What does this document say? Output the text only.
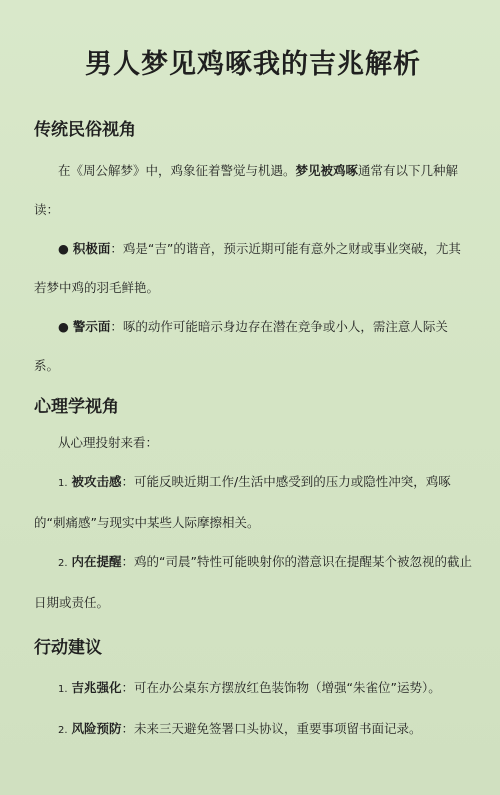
男人梦见鸡啄我的吉兆解析
传统民俗视角

在《周公解梦》中，鸡象征着警觉与机遇。梦见被鸡啄通常有以下几种解读：

● 积极面：鸡是“吉”的谐音，预示近期可能有意外之财或事业突破，尤其若梦中鸡的羽毛鲜艳。

● 警示面：啄的动作可能暗示身边存在潜在竞争或小人，需注意人际关系。

心理学视角

从心理投射来看：

1. 被攻击感：可能反映近期工作/生活中感受到的压力或隐性冲突，鸡啄的“刺痛感”与现实中某些人际摩擦相关。

2. 内在提醒：鸡的“司晨”特性可能映射你的潜意识在提醒某个被忽视的截止日期或责任。

行动建议

1. 吉兆强化：可在办公桌东方摆放红色装饰物（增强“朱雀位”运势）。

2. 风险预防：未来三天避免签署口头协议，重要事项留书面记录。
